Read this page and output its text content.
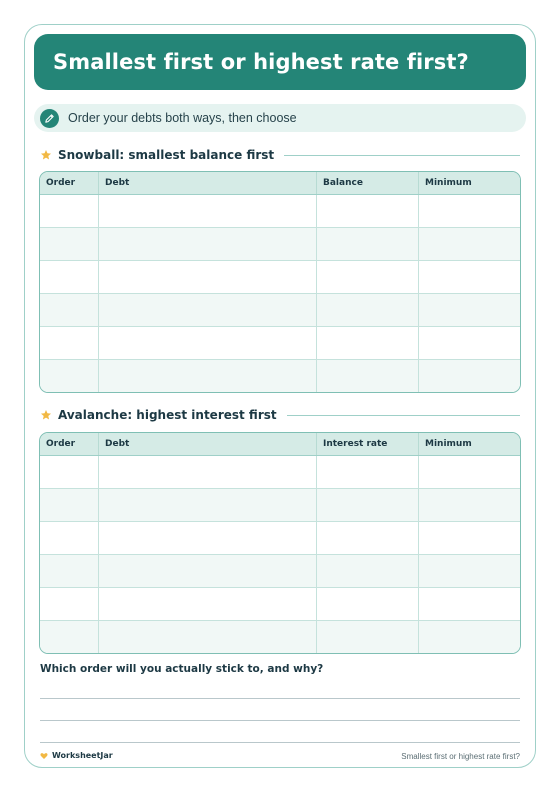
Smallest first or highest rate first?
Order your debts both ways, then choose
Snowball: smallest balance first
Order	Debt	Balance	Minimum
Avalanche: highest interest first
Order	Debt	Interest rate	Minimum
Which order will you actually stick to, and why?
WorksheetJar	Smallest first or highest rate first?
